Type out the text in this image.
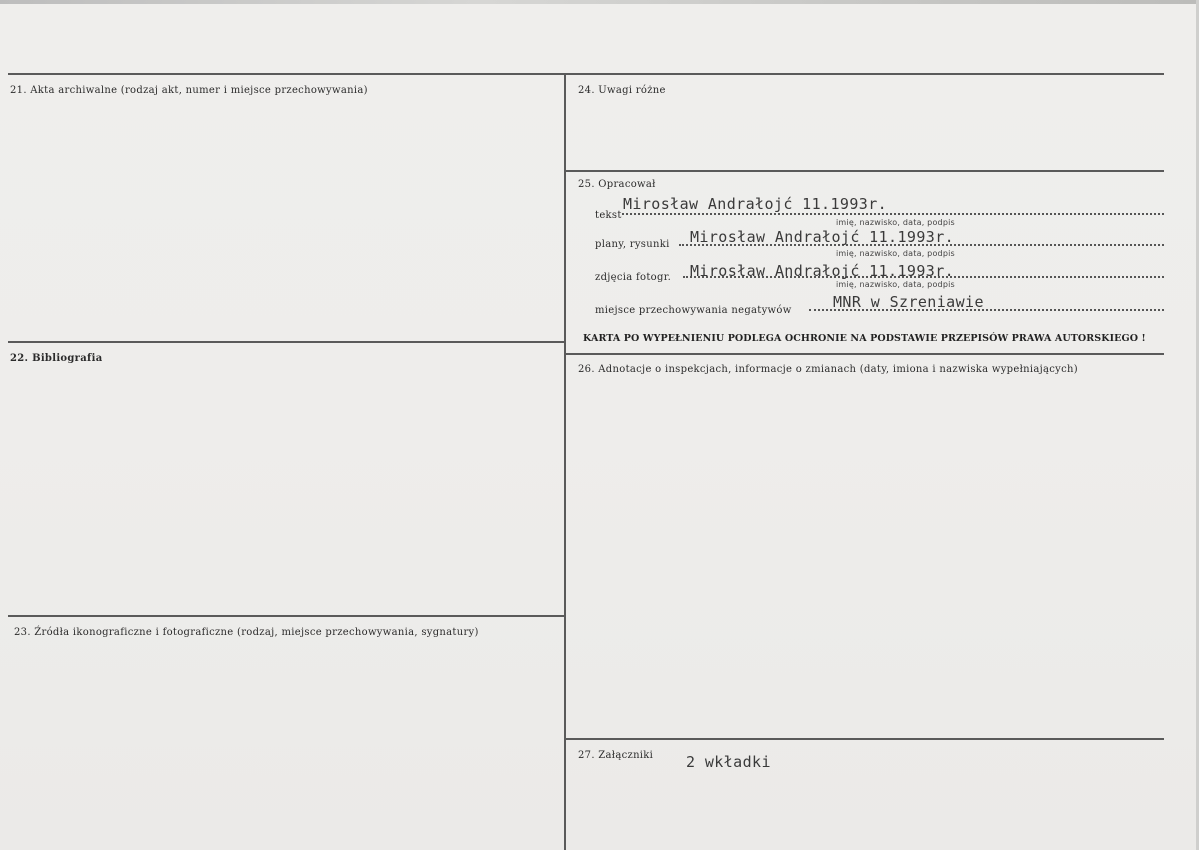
21. Akta archiwalne (rodzaj akt, numer i miejsce przechowywania)
22. Bibliografia
23. Źródła ikonograficzne i fotograficzne (rodzaj, miejsce przechowywania, sygnatury)
24. Uwagi różne
25. Opracował
tekst
Mirosław Andrałojć 11.1993r.
imię, nazwisko, data, podpis
plany, rysunki Mirosław Andrałojć 11.1993r.
imię, nazwisko, data, podpis
zdjęcia fotogr. Mirosław Andrałojć 11.1993r.
imię, nazwisko, data, podpis
miejsce przechowywania negatywów	MNR w Szreniawie
KARTA PO WYPEŁNIENIU PODLEGA OCHRONIE NA PODSTAWIE PRZEPISÓW PRAWA AUTORSKIEGO !
26. Adnotacje o inspekcjach, informacje o zmianach (daty, imiona i nazwiska wypełniających)
27. Załączniki 2 wkładki
